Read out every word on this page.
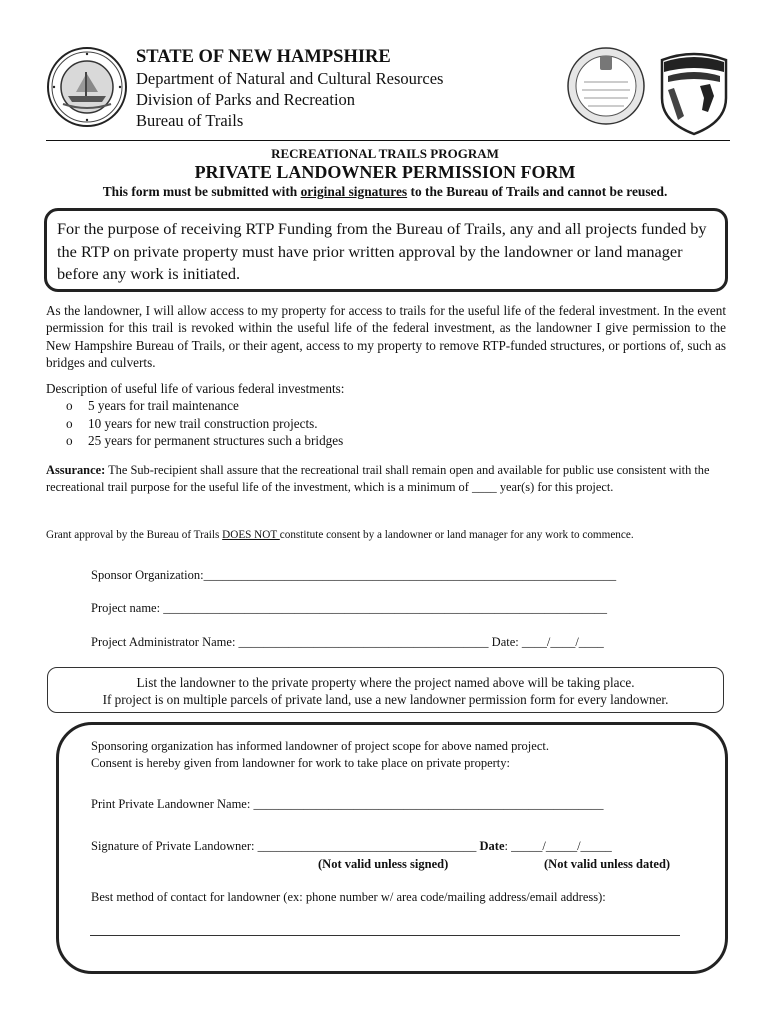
STATE OF NEW HAMPSHIRE
Department of Natural and Cultural Resources
Division of Parks and Recreation
Bureau of Trails
RECREATIONAL TRAILS PROGRAM
PRIVATE LANDOWNER PERMISSION FORM
This form must be submitted with original signatures to the Bureau of Trails and cannot be reused.

For the purpose of receiving RTP Funding from the Bureau of Trails, any and all projects funded by the RTP on private property must have prior written approval by the landowner or land manager before any work is initiated.

As the landowner, I will allow access to my property for access to trails for the useful life of the federal investment. In the event permission for this trail is revoked within the useful life of the federal investment, as the landowner I give permission to the New Hampshire Bureau of Trails, or their agent, access to my property to remove RTP-funded structures, or portions of, such as bridges and culverts.
Description of useful life of various federal investments:
o 5 years for trail maintenance
o 10 years for new trail construction projects.
o 25 years for permanent structures such a bridges
Assurance: The Sub-recipient shall assure that the recreational trail shall remain open and available for public use consistent with the recreational trail purpose for the useful life of the investment, which is a minimum of ____ year(s) for this project.
Grant approval by the Bureau of Trails DOES NOT constitute consent by a landowner or land manager for any work to commence.
Sponsor Organization:__________________________________________________________________
Project name: _______________________________________________________________________
Project Administrator Name: ________________________________________ Date: ____/____/____
List the landowner to the private property where the project named above will be taking place.
If project is on multiple parcels of private land, use a new landowner permission form for every landowner.
Sponsoring organization has informed landowner of project scope for above named project.
Consent is hereby given from landowner for work to take place on private property:
Print Private Landowner Name: ________________________________________________________
Signature of Private Landowner: ___________________________________ Date: _____/_____/_____
(Not valid unless signed)	(Not valid unless dated)
Best method of contact for landowner (ex: phone number w/ area code/mailing address/email address):
